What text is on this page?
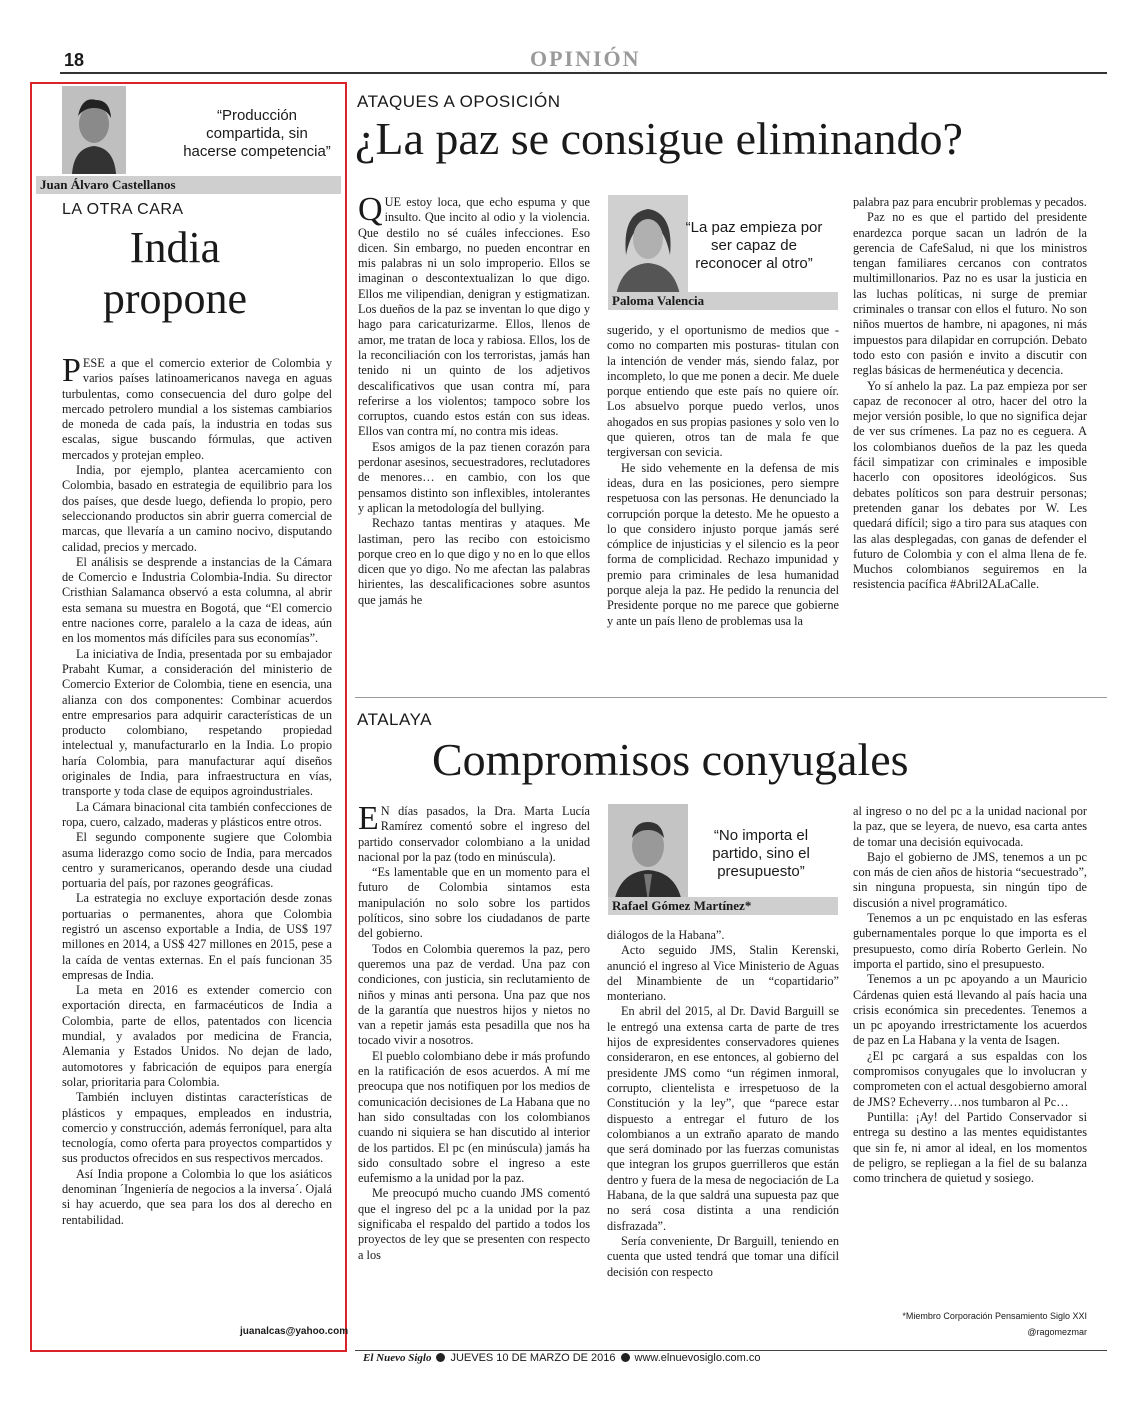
18	OPINIÓN
“Producción compartida, sin hacerse competencia”
Juan Álvaro Castellanos
LA OTRA CARA
India
propone

PESE a que el comercio exterior de Colombia y varios países latinoamericanos navega en aguas turbulentas, como consecuencia del duro golpe del mercado petrolero mundial a los sistemas cambiarios de moneda de cada país, la industria en todas sus escalas, sigue buscando fórmulas, que activen mercados y protejan empleo.

India, por ejemplo, plantea acercamiento con Colombia, basado en estrategia de equilibrio para los dos países, que desde luego, defienda lo propio, pero seleccionando productos sin abrir guerra comercial de marcas, que llevaría a un camino nocivo, disputando calidad, precios y mercado.

El análisis se desprende a instancias de la Cámara de Comercio e Industria Colombia-India. Su director Cristhian Salamanca observó a esta columna, al abrir esta semana su muestra en Bogotá, que “El comercio entre naciones corre, paralelo a la caza de ideas, aún en los momentos más difíciles para sus economías”.

La iniciativa de India, presentada por su embajador Prabaht Kumar, a consideración del ministerio de Comercio Exterior de Colombia, tiene en esencia, una alianza con dos componentes: Combinar acuerdos entre empresarios para adquirir características de un producto colombiano, respetando propiedad intelectual y, manufacturarlo en la India. Lo propio haría Colombia, para manufacturar aquí diseños originales de India, para infraestructura en vías, transporte y toda clase de equipos agroindustriales.

La Cámara binacional cita también confecciones de ropa, cuero, calzado, maderas y plásticos entre otros.

El segundo componente sugiere que Colombia asuma liderazgo como socio de India, para mercados centro y suramericanos, operando desde una ciudad portuaria del país, por razones geográficas.

La estrategia no excluye exportación desde zonas portuarias o permanentes, ahora que Colombia registró un ascenso exportable a India, de US$ 197 millones en 2014, a US$ 427 millones en 2015, pese a la caída de ventas externas. En el país funcionan 35 empresas de India.

La meta en 2016 es extender comercio con exportación directa, en farmacéuticos de India a Colombia, parte de ellos, patentados con licencia mundial, y avalados por medicina de Francia, Alemania y Estados Unidos. No dejan de lado, automotores y fabricación de equipos para energía solar, prioritaria para Colombia.

También incluyen distintas características de plásticos y empaques, empleados en industria, comercio y construcción, además ferroníquel, para alta tecnología, como oferta para proyectos compartidos y sus productos ofrecidos en sus respectivos mercados.

Así India propone a Colombia lo que los asiáticos denominan ´Ingeniería de negocios a la inversa´. Ojalá si hay acuerdo, que sea para los dos al derecho en rentabilidad.

juanalcas@yahoo.com
ATAQUES A OPOSICIÓN
¿La paz se consigue eliminando?

QUE estoy loca, que echo espuma y que insulto. Que incito al odio y la violencia. Que destilo no sé cuáles infecciones. Eso dicen. Sin embargo, no pueden encontrar en mis palabras ni un solo improperio. Ellos se imaginan o descontextualizan lo que digo. Ellos me vilipendian, denigran y estigmatizan. Los dueños de la paz se inventan lo que digo y hago para caricaturizarme. Ellos, llenos de amor, me tratan de loca y rabiosa. Ellos, los de la reconciliación con los terroristas, jamás han tenido ni un quinto de los adjetivos descalificativos que usan contra mí, para referirse a los violentos; tampoco sobre los corruptos, cuando estos están con sus ideas. Ellos van contra mí, no contra mis ideas.

Esos amigos de la paz tienen corazón para perdonar asesinos, secuestradores, reclutadores de menores… en cambio, con los que pensamos distinto son inflexibles, intolerantes y aplican la metodología del bullying.

Rechazo tantas mentiras y ataques. Me lastiman, pero las recibo con estoicismo porque creo en lo que digo y no en lo que ellos dicen que yo digo. No me afectan las palabras hirientes, las descalificaciones sobre asuntos que jamás he

“La paz empieza por ser capaz de reconocer al otro”
Paloma Valencia

sugerido, y el oportunismo de medios que -como no comparten mis posturas- titulan con la intención de vender más, siendo falaz, por incompleto, lo que me ponen a decir. Me duele porque entiendo que este país no quiere oír. Los absuelvo porque puedo verlos, unos ahogados en sus propias pasiones y solo ven lo que quieren, otros tan de mala fe que tergiversan con sevicia.

He sido vehemente en la defensa de mis ideas, dura en las posiciones, pero siempre respetuosa con las personas. He denunciado la corrupción porque la detesto. Me he opuesto a lo que considero injusto porque jamás seré cómplice de injusticias y el silencio es la peor forma de complicidad. Rechazo impunidad y premio para criminales de lesa humanidad porque aleja la paz. He pedido la renuncia del Presidente porque no me parece que gobierne y ante un país lleno de problemas usa la

palabra paz para encubrir problemas y pecados.

Paz no es que el partido del presidente enardezca porque sacan un ladrón de la gerencia de CafeSalud, ni que los ministros tengan familiares cercanos con contratos multimillonarios. Paz no es usar la justicia en las luchas políticas, ni surge de premiar criminales o transar con ellos el futuro. No son niños muertos de hambre, ni apagones, ni más impuestos para dilapidar en corrupción. Debato todo esto con pasión e invito a discutir con reglas básicas de hermenéutica y decencia.

Yo sí anhelo la paz. La paz empieza por ser capaz de reconocer al otro, hacer del otro la mejor versión posible, lo que no significa dejar de ver sus crímenes. La paz no es ceguera. A los colombianos dueños de la paz les queda fácil simpatizar con criminales e imposible hacerlo con opositores ideológicos. Sus debates políticos son para destruir personas; pretenden ganar los debates por W. Les quedará difícil; sigo a tiro para sus ataques con las alas desplegadas, con ganas de defender el futuro de Colombia y con el alma llena de fe. Muchos colombianos seguiremos en la resistencia pacífica #Abril2ALaCalle.

ATALAYA
Compromisos conyugales

E N días pasados, la Dra. Marta Lucía Ramírez comentó sobre el ingreso del partido conservador colombiano a la unidad nacional por la paz (todo en minúscula).

“Es lamentable que en un momento para el futuro de Colombia sintamos esta manipulación no solo sobre los partidos políticos, sino sobre los ciudadanos de parte del gobierno.

Todos en Colombia queremos la paz, pero queremos una paz de verdad. Una paz con condiciones, con justicia, sin reclutamiento de niños y minas anti persona. Una paz que nos de la garantía que nuestros hijos y nietos no van a repetir jamás esta pesadilla que nos ha tocado vivir a nosotros.

El pueblo colombiano debe ir más profundo en la ratificación de esos acuerdos. A mí me preocupa que nos notifiquen por los medios de comunicación decisiones de La Habana que no han sido consultadas con los colombianos cuando ni siquiera se han discutido al interior de los partidos. El pc (en minúscula) jamás ha sido consultado sobre el ingreso a este eufemismo a la unidad por la paz.

Me preocupó mucho cuando JMS comentó que el ingreso del pc a la unidad por la paz significaba el respaldo del partido a todos los proyectos de ley que se presenten con respecto a los

“No importa el partido, sino el presupuesto”
Rafael Gómez Martínez*

diálogos de la Habana”.

Acto seguido JMS, Stalin Kerenski, anunció el ingreso al Vice Ministerio de Aguas del Minambiente de un “copartidario” monteriano.

En abril del 2015, al Dr. David Barguill se le entregó una extensa carta de parte de tres hijos de expresidentes conservadores quienes consideraron, en ese entonces, al gobierno del presidente JMS como “un régimen inmoral, corrupto, clientelista e irrespetuoso de la Constitución y la ley”, que “parece estar dispuesto a entregar el futuro de los colombianos a un extraño aparato de mando que será dominado por las fuerzas comunistas que integran los grupos guerrilleros que están dentro y fuera de la mesa de negociación de La Habana, de la que saldrá una supuesta paz que no será cosa distinta a una rendición disfrazada”.

Sería conveniente, Dr Barguill, teniendo en cuenta que usted tendrá que tomar una difícil decisión con respecto

al ingreso o no del pc a la unidad nacional por la paz, que se leyera, de nuevo, esa carta antes de tomar una decisión equivocada.

Bajo el gobierno de JMS, tenemos a un pc con más de cien años de historia “secuestrado”, sin ninguna propuesta, sin ningún tipo de discusión a nivel programático.

Tenemos a un pc enquistado en las esferas gubernamentales porque lo que importa es el presupuesto, como diría Roberto Gerlein. No importa el partido, sino el presupuesto.

Tenemos a un pc apoyando a un Mauricio Cárdenas quien está llevando al país hacia una crisis económica sin precedentes. Tenemos a un pc apoyando irrestrictamente los acuerdos de paz en La Habana y la venta de Isagen.

¿El pc cargará a sus espaldas con los compromisos conyugales que lo involucran y comprometen con el actual desgobierno amoral de JMS? Echeverry…nos tumbaron al Pc…

Puntilla: ¡Ay! del Partido Conservador si entrega su destino a las mentes equidistantes que sin fe, ni amor al ideal, en los momentos de peligro, se repliegan a la fiel de su balanza como trinchera de quietud y sosiego.

*Miembro Corporación Pensamiento Siglo XXI
@ragomezmar
El Nuevo Siglo JUEVES 10 DE MARZO DE 2016 www.elnuevosiglo.com.co
